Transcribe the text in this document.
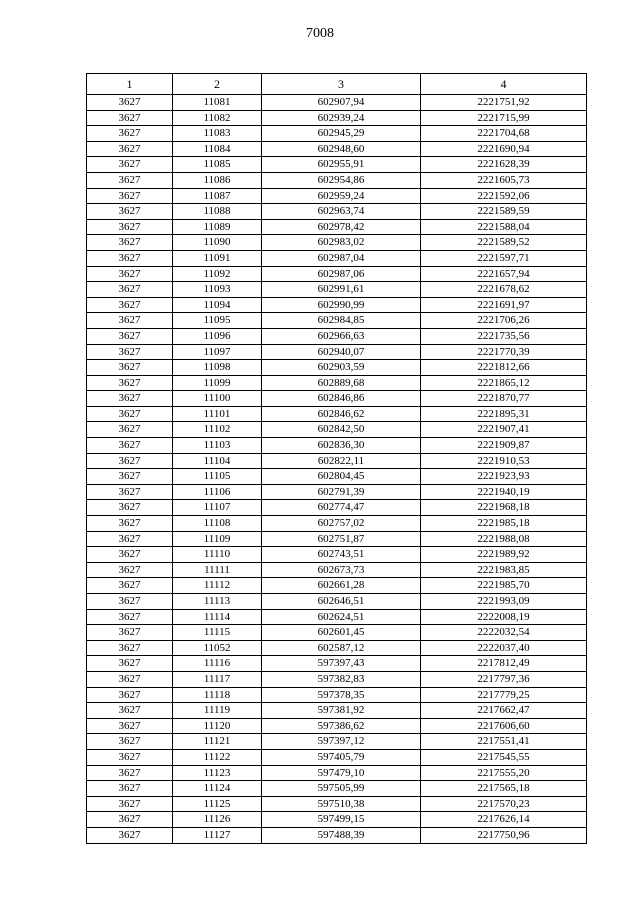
7008
1	2	3	4
3627	11081	602907,94	2221751,92
3627	11082	602939,24	2221715,99
3627	11083	602945,29	2221704,68
3627	11084	602948,60	2221690,94
3627	11085	602955,91	2221628,39
3627	11086	602954,86	2221605,73
3627	11087	602959,24	2221592,06
3627	11088	602963,74	2221589,59
3627	11089	602978,42	2221588,04
3627	11090	602983,02	2221589,52
3627	11091	602987,04	2221597,71
3627	11092	602987,06	2221657,94
3627	11093	602991,61	2221678,62
3627	11094	602990,99	2221691,97
3627	11095	602984,85	2221706,26
3627	11096	602966,63	2221735,56
3627	11097	602940,07	2221770,39
3627	11098	602903,59	2221812,66
3627	11099	602889,68	2221865,12
3627	11100	602846,86	2221870,77
3627	11101	602846,62	2221895,31
3627	11102	602842,50	2221907,41
3627	11103	602836,30	2221909,87
3627	11104	602822,11	2221910,53
3627	11105	602804,45	2221923,93
3627	11106	602791,39	2221940,19
3627	11107	602774,47	2221968,18
3627	11108	602757,02	2221985,18
3627	11109	602751,87	2221988,08
3627	11110	602743,51	2221989,92
3627	11111	602673,73	2221983,85
3627	11112	602661,28	2221985,70
3627	11113	602646,51	2221993,09
3627	11114	602624,51	2222008,19
3627	11115	602601,45	2222032,54
3627	11052	602587,12	2222037,40
3627	11116	597397,43	2217812,49
3627	11117	597382,83	2217797,36
3627	11118	597378,35	2217779,25
3627	11119	597381,92	2217662,47
3627	11120	597386,62	2217606,60
3627	11121	597397,12	2217551,41
3627	11122	597405,79	2217545,55
3627	11123	597479,10	2217555,20
3627	11124	597505,99	2217565,18
3627	11125	597510,38	2217570,23
3627	11126	597499,15	2217626,14
3627	11127	597488,39	2217750,96
